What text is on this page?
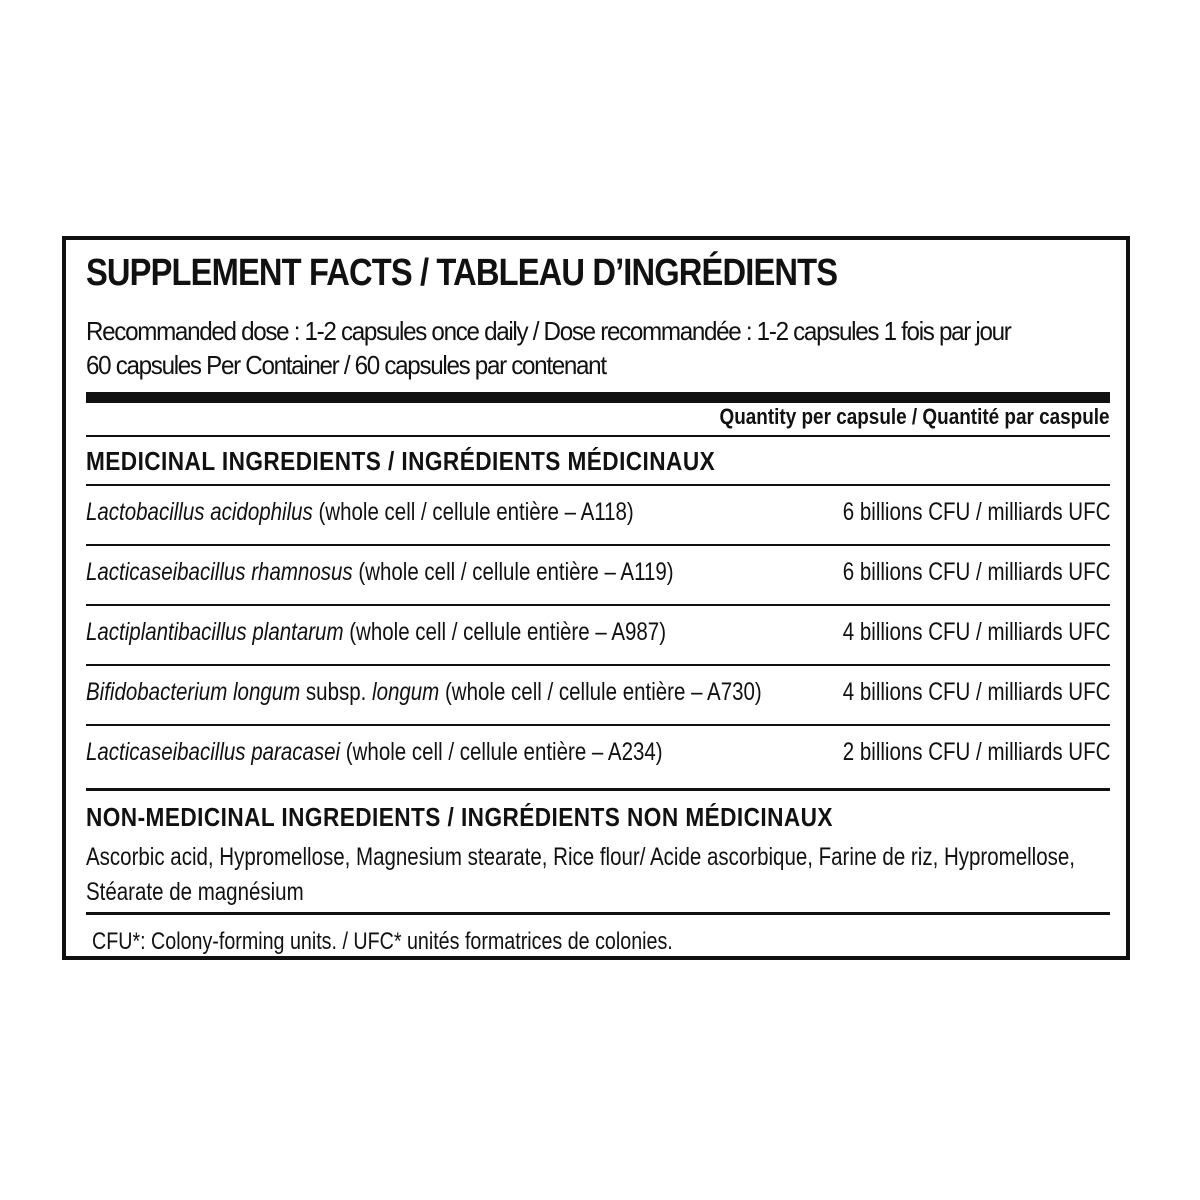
SUPPLEMENT FACTS / TABLEAU D’INGRÉDIENTS
Recommanded dose : 1-2 capsules once daily / Dose recommandée : 1-2 capsules 1 fois par jour
60 capsules Per Container / 60 capsules par contenant
Quantity per capsule / Quantité par caspule
MEDICINAL INGREDIENTS / INGRÉDIENTS MÉDICINAUX
Lactobacillus acidophilus (whole cell / cellule entière – A118)	6 billions CFU / milliards UFC
Lacticaseibacillus rhamnosus (whole cell / cellule entière – A119)	6 billions CFU / milliards UFC
Lactiplantibacillus plantarum (whole cell / cellule entière – A987)	4 billions CFU / milliards UFC
Bifidobacterium longum subsp. longum (whole cell / cellule entière – A730)	4 billions CFU / milliards UFC
Lacticaseibacillus paracasei (whole cell / cellule entière – A234)	2 billions CFU / milliards UFC
NON-MEDICINAL INGREDIENTS / INGRÉDIENTS NON MÉDICINAUX
Ascorbic acid, Hypromellose, Magnesium stearate, Rice flour/ Acide ascorbique, Farine de riz, Hypromellose, Stéarate de magnésium
CFU*: Colony-forming units. / UFC* unités formatrices de colonies.
